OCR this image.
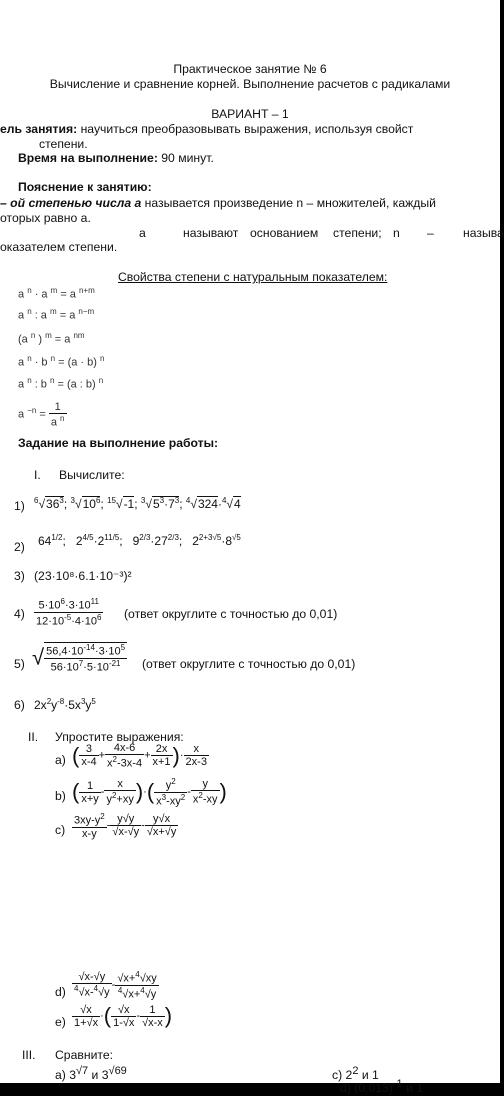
Практическое занятие № 6
Вычисление и сравнение корней. Выполнение расчетов с радикалами
ВАРИАНТ – 1
ель занятия: научиться преобразовывать выражения, используя свойст
степени.
Время на выполнение: 90 минут.
Пояснение к занятию:
– ой степенью числа а называется произведение n – множителей, каждый
оторых равно а.
а	называют основанием степени; n – называ
оказателем степени.
Свойства степени с натуральным показателем:
a $^n$ · a $^m$ = a $^{n+m}$
a $^n$ : a $^m$ = a $^{n-m}$
(a $^n$ ) $^m$ = a $^{nm}$
a $^n$ · b $^n$ = (a · b) $^n$
a $^n$ : b $^n$ = (a : b) $^n$
a $^{-n} = \frac{1}{a ^n}$
Задание на выполнение работы:
I. Вычислите:
1) $^6√36^3$; $^3√10^6$; $^{15}$√-1; $^3√5^3\cdot 7^3$; $^4$√324·$^4$√4
2) $64^{1/2}$;   $2^{4/5}\cdot 2^{11/5}$;   $9^{2/3}\cdot 27^{2/3}$;   $2^{2+3√5}\cdot 8^{√5}$
3) (23·10⁸·6.1·10⁻³)²
$4) \frac{5\cdot 10^6\cdot 3\cdot 10^{11}}{12\cdot 10^{-5}\cdot 4\cdot 10^6}$ (ответ округлите с точностью до 0,01)
5) √ $\frac{56,4\cdot 10^{-14}\cdot 3\cdot 10^5}{56\cdot 10^7\cdot 5\cdot 10^{-21}}$ (ответ округлите с точностью до 0,01)
6) $2x^2y^{-8}\cdot 5x^3y^5$
II. Упростите выражения:
a) ( $\frac{3}{x-4} + \frac{4x-6}{x^2-3x-4} + \frac{2x}{x+1}$ )· $\frac{x}{2x-3}$
b) ( $\frac{1}{x+y} - \frac{x}{y^2+xy}$ )·( $\frac{y^2}{x^3-xy^2} - \frac{y}{x^2-xy}$ )
$c) \frac{3xy-y^2}{x-y} - \frac{y√y}{√x-√y} - \frac{y√x}{√x+√y}$
$d) \frac{√x-√y}{^4√x-^4√y} - \frac{√x+^4√xy}{^4√x+^4√y}$
$e) \frac{√x}{1+√x}$ ·( $\frac{√x}{1-√x} - \frac{1}{√x-x}$ )
III. Сравните:
а) $3^{√7}$ и $3^{√69}$	c) $2^2$ и 1
d) $(0,013)^{-1}$ и 1
